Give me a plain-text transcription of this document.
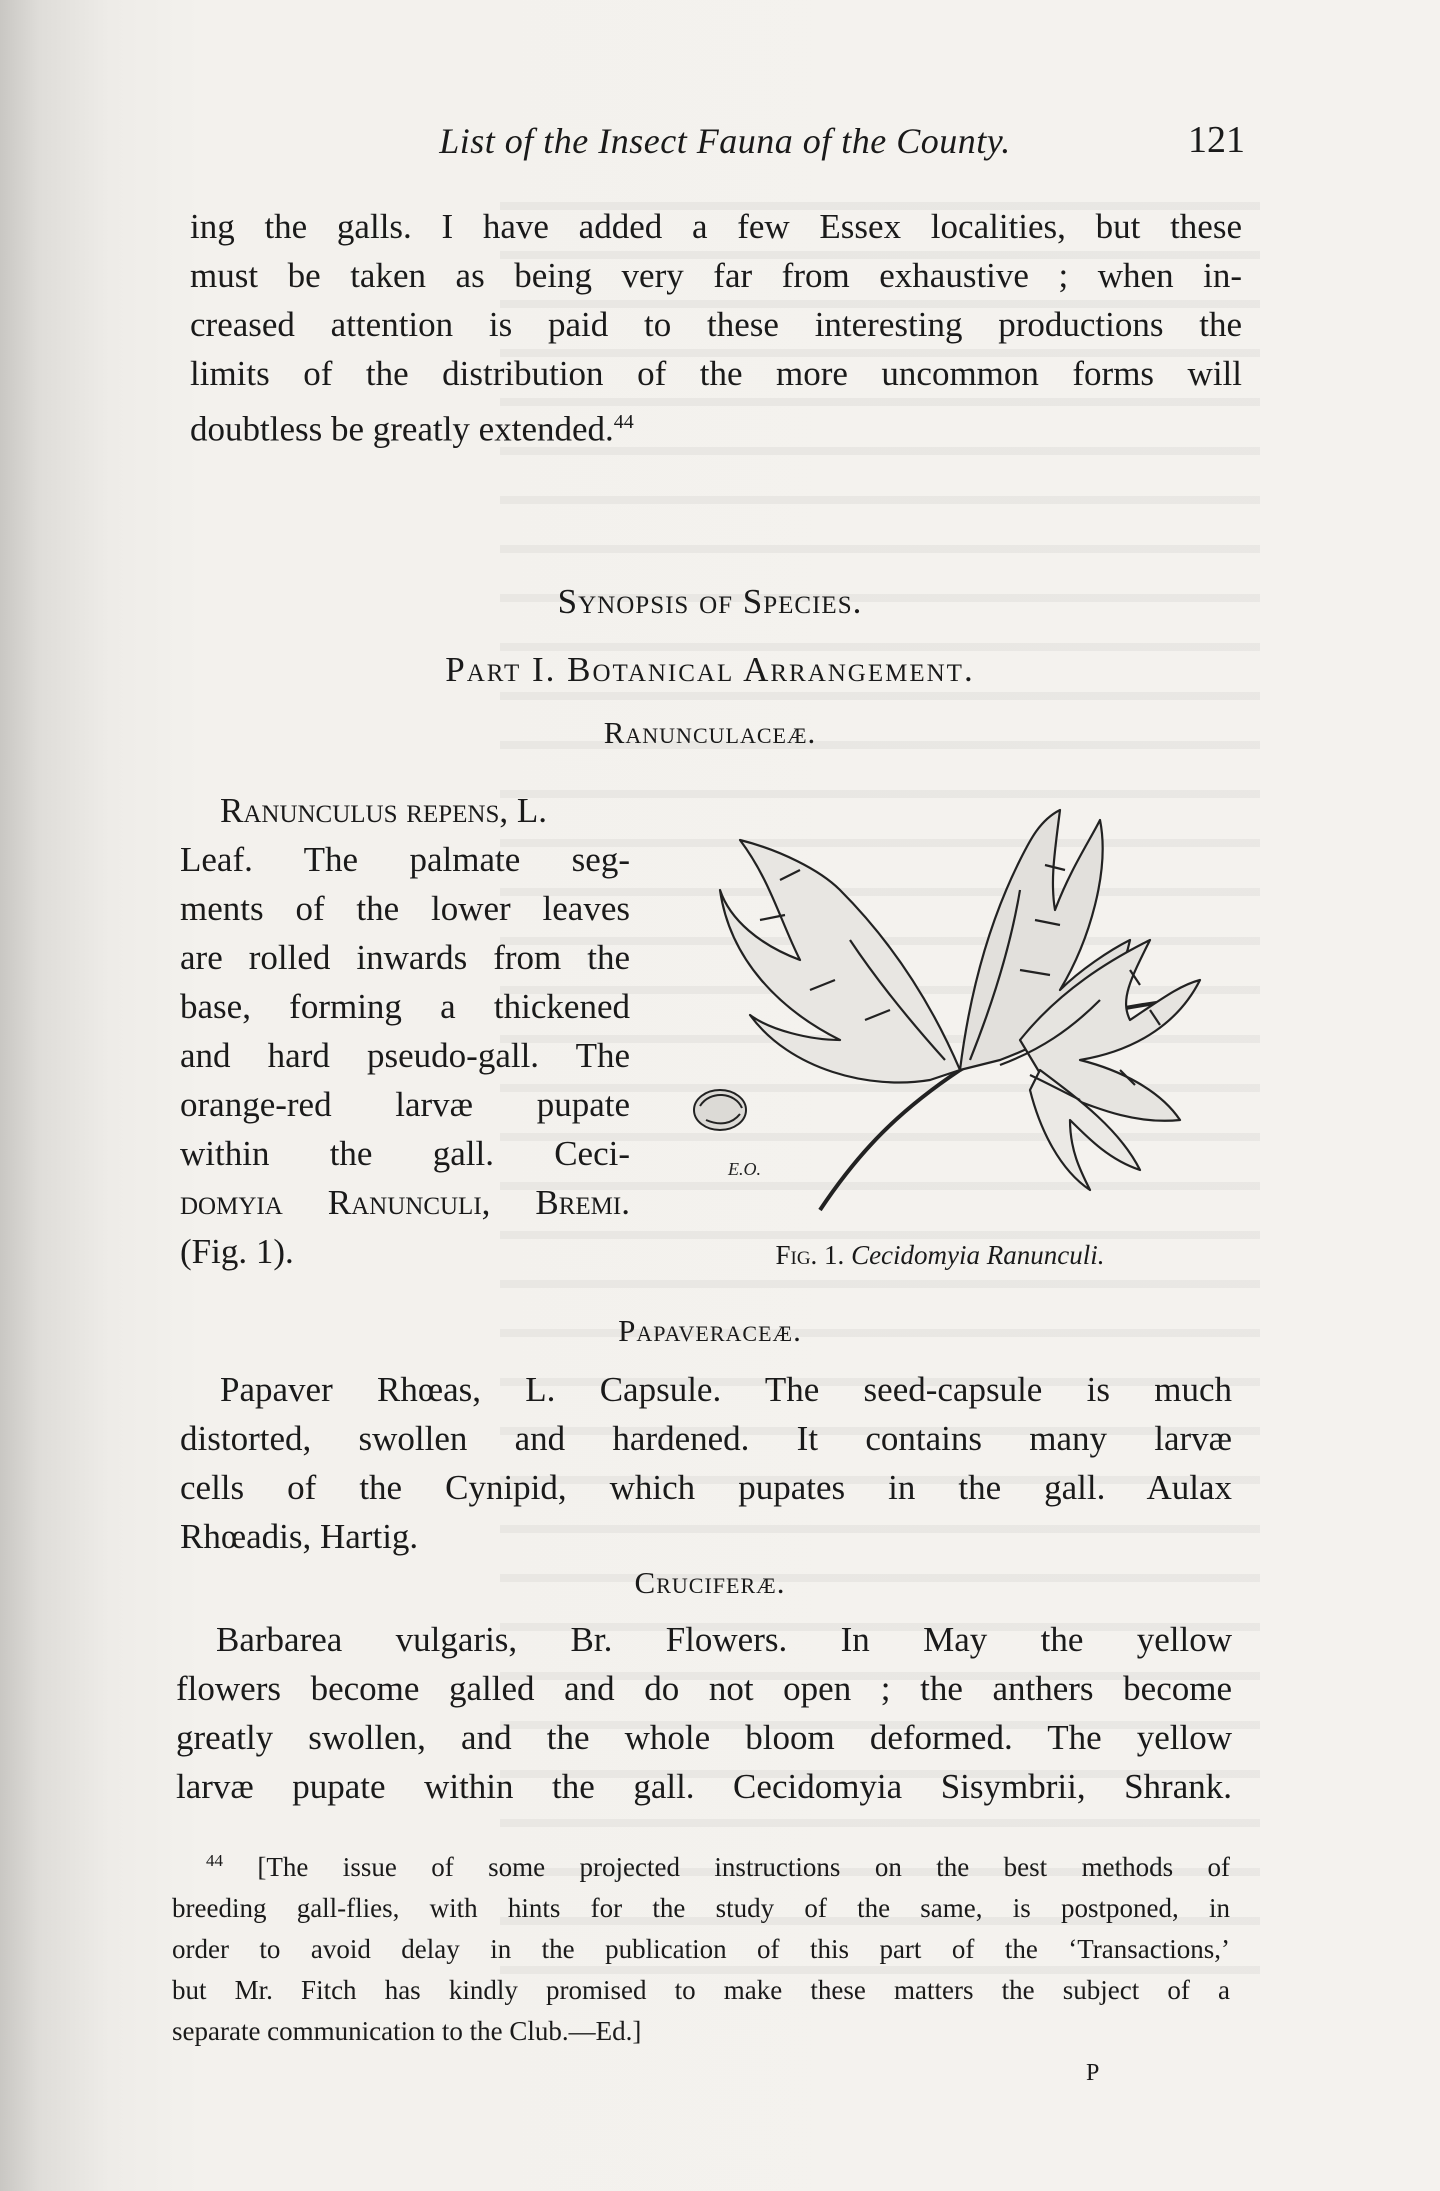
List of the Insect Fauna of the County.	121
ing the galls. I have added a few Essex localities, but these
must be taken as being very far from exhaustive ; when in-
creased attention is paid to these interesting productions the
limits of the distribution of the more uncommon forms will
doubtless be greatly extended.$^{44}$
Synopsis of Species.
Part I. Botanical Arrangement.
Ranunculaceæ.
Ranunculus repens, L.
Leaf. The palmate seg-
ments of the lower leaves
are rolled inwards from the
base, forming a thickened
and hard pseudo-gall. The
orange-red larvæ pupate
within the gall. Ceci-
domyia Ranunculi, Bremi.
(Fig. 1).
E.O.
Fig. 1. Cecidomyia Ranunculi.
Papaveraceæ.
Papaver Rhœas, L. Capsule. The seed-capsule is much
distorted, swollen and hardened. It contains many larvæ
cells of the Cynipid, which pupates in the gall. Aulax
Rhœadis, Hartig.
Cruciferæ.
Barbarea vulgaris, Br. Flowers. In May the yellow
flowers become galled and do not open ; the anthers become
greatly swollen, and the whole bloom deformed. The yellow
larvæ pupate within the gall. Cecidomyia Sisymbrii, Shrank.
$^{44}$ [The issue of some projected instructions on the best methods of
breeding gall-flies, with hints for the study of the same, is postponed, in
order to avoid delay in the publication of this part of the ‘Transactions,’
but Mr. Fitch has kindly promised to make these matters the subject of a
separate communication to the Club.—Ed.]
P
